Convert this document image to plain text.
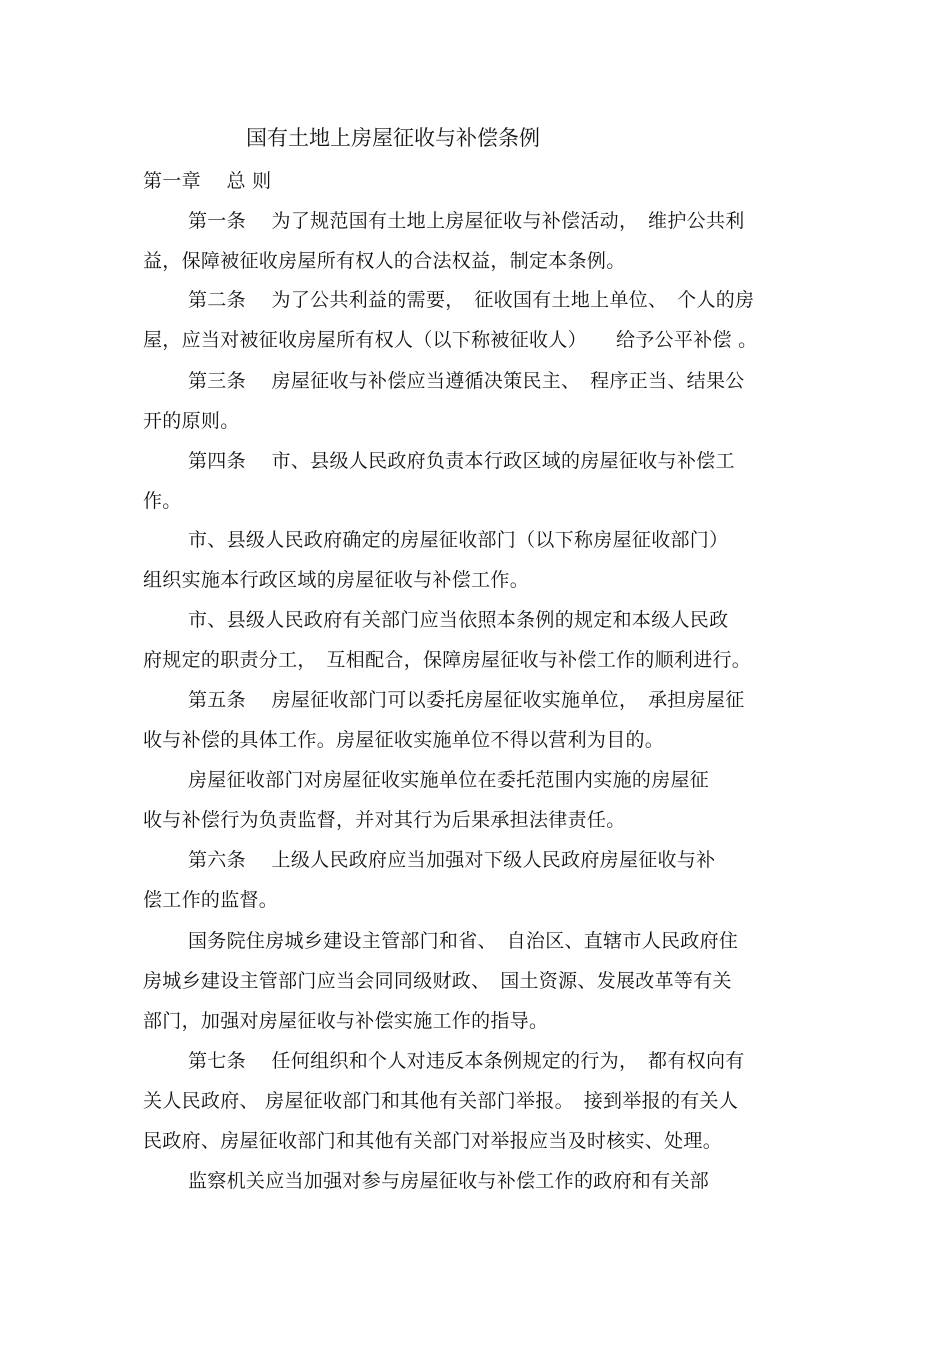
国有土地上房屋征收与补偿条例
第一章　 总 则
第一条　 为了规范国有土地上房屋征收与补偿活动，　维护公共利
益，保障被征收房屋所有权人的合法权益，制定本条例。
第二条　 为了公共利益的需要，　征收国有土地上单位、　个人的房
屋，应当对被征收房屋所有权人（以下称被征收人）　　给予公平补偿 。
第三条　 房屋征收与补偿应当遵循决策民主、　程序正当、结果公
开的原则。
第四条　 市、县级人民政府负责本行政区域的房屋征收与补偿工
作。
市、县级人民政府确定的房屋征收部门（以下称房屋征收部门）
组织实施本行政区域的房屋征收与补偿工作。
市、县级人民政府有关部门应当依照本条例的规定和本级人民政
府规定的职责分工，　互相配合，保障房屋征收与补偿工作的顺利进行。
第五条　 房屋征收部门可以委托房屋征收实施单位，　承担房屋征
收与补偿的具体工作。房屋征收实施单位不得以营利为目的。
房屋征收部门对房屋征收实施单位在委托范围内实施的房屋征
收与补偿行为负责监督，并对其行为后果承担法律责任。
第六条　 上级人民政府应当加强对下级人民政府房屋征收与补
偿工作的监督。
国务院住房城乡建设主管部门和省、　自治区、直辖市人民政府住
房城乡建设主管部门应当会同同级财政、　国土资源、发展改革等有关
部门，加强对房屋征收与补偿实施工作的指导。
第七条　 任何组织和个人对违反本条例规定的行为，　都有权向有
关人民政府、 房屋征收部门和其他有关部门举报。　接到举报的有关人
民政府、房屋征收部门和其他有关部门对举报应当及时核实、处理。
监察机关应当加强对参与房屋征收与补偿工作的政府和有关部
